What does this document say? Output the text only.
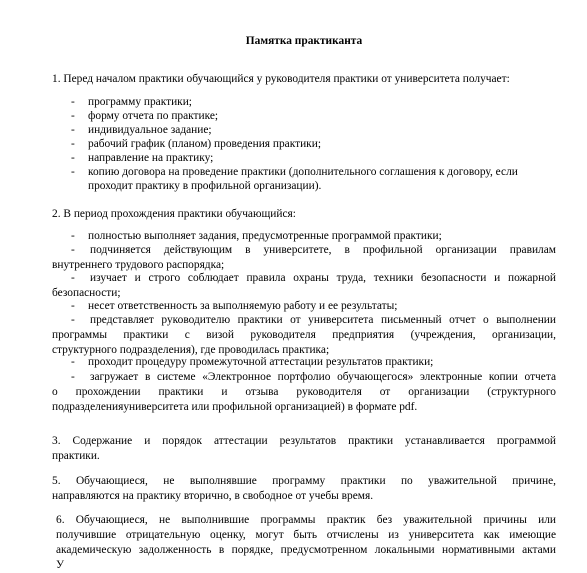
Памятка практиканта
1. Перед началом практики обучающийся у руководителя практики от университета получает:
- программу практики;
- форму отчета по практике;
- индивидуальное задание;
- рабочий график (планом) проведения практики;
- направление на практику;
- копию договора на проведение практики (дополнительного соглашения к договору, если
проходит практику в профильной организации).
2. В период прохождения практики обучающийся:
- полностью выполняет задания, предусмотренные программой практики;
- подчиняется действующим в университете, в профильной организации правилам
внутреннего трудового распорядка;
- изучает и строго соблюдает правила охраны труда, техники безопасности и пожарной
безопасности;
- несет ответственность за выполняемую работу и ее результаты;
- представляет руководителю практики от университета письменный отчет о выполнении
программы практики с визой руководителя предприятия (учреждения, организации,
структурного подразделения), где проводилась практика;
- проходит процедуру промежуточной аттестации результатов практики;
- загружает в системе «Электронное портфолио обучающегося» электронные копии отчета
о прохождении практики и отзыва руководителя от организации (структурного
подразделенияуниверситета или профильной организацией) в формате pdf.
3. Содержание и порядок аттестации результатов практики устанавливается программой
практики.
5. Обучающиеся, не выполнявшие программу практики по уважительной причине,
направляются на практику вторично, в свободное от учебы время.
6. Обучающиеся, не выполнившие программы практик без уважительной причины или
получившие отрицательную оценку, могут быть отчислены из университета как имеющие
академическую задолженность в порядке, предусмотренном локальными нормативными актами
У
